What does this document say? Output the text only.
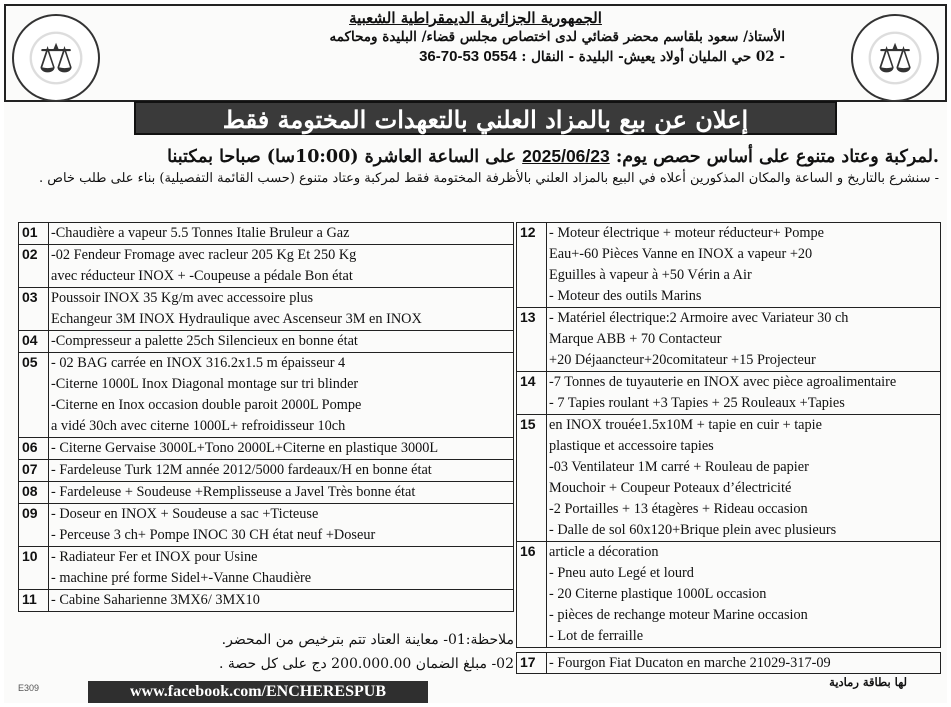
⚖
⚖
الجمهورية الجزائرية الديمقراطية الشعبية
الأستاذ/ سعود بلقاسم محضر قضائي لدى اختصاص مجلس قضاء/ البليدة ومحاكمه
- 02 حي المليان أولاد يعيش- البليدة - النقال : 0554 53-70-36
إعلان عن بيع بالمزاد العلني بالتعهدات المختومة فقط
.لمركبة وعتاد متنوع على أساس حصص يوم: 2025/06/23 على الساعة العاشرة (10:00سا) صباحا بمكتبنا
- سنشرع بالتاريخ و الساعة والمكان المذكورين أعلاه في البيع بالمزاد العلني بالأظرفة المختومة فقط لمركبة وعتاد متنوع (حسب القائمة التفصيلية) بناء على طلب خاص .
01 -Chaudière a vapeur 5.5 Tonnes Italie Bruleur a Gaz
02 -02 Fendeur Fromage avec racleur 205 Kg Et 250 Kg
avec réducteur INOX + -Coupeuse a pédale Bon état
03 Poussoir INOX 35 Kg/m avec accessoire plus
Echangeur 3M INOX Hydraulique avec Ascenseur 3M en INOX
04 -Compresseur a palette 25ch Silencieux en bonne état
05 - 02 BAG carrée en INOX 316.2x1.5 m épaisseur 4
-Citerne 1000L Inox Diagonal montage sur tri blinder
-Citerne en Inox occasion double paroit 2000L Pompe
a vidé 30ch avec citerne 1000L+ refroidisseur 10ch
06 - Citerne Gervaise 3000L+Tono 2000L+Citerne en plastique 3000L
07 - Fardeleuse Turk 12M année 2012/5000 fardeaux/H en bonne état
08 - Fardeleuse + Soudeuse +Remplisseuse a Javel Très bonne état
09 - Doseur en INOX + Soudeuse a sac +Ticteuse
- Perceuse 3 ch+ Pompe INOC 30 CH état neuf +Doseur
10 - Radiateur Fer et INOX pour Usine
- machine pré forme Sidel+-Vanne Chaudière
11 - Cabine Saharienne 3MX6/ 3MX10
12 - Moteur électrique + moteur réducteur+ Pompe
Eau+-60 Pièces Vanne en INOX a vapeur +20
Eguilles à vapeur à +50 Vérin a Air
- Moteur des outils Marins
13 - Matériel électrique:2 Armoire avec Variateur 30 ch
Marque ABB + 70 Contacteur
+20 Déjaancteur+20comitateur +15 Projecteur
14 -7 Tonnes de tuyauterie en INOX avec pièce agroalimentaire
- 7 Tapies roulant +3 Tapies + 25 Rouleaux +Tapies
15 en INOX trouée1.5x10M + tapie en cuir + tapie
plastique et accessoire tapies
-03 Ventilateur 1M carré + Rouleau de papier
Mouchoir + Coupeur Poteaux d’électricité
-2 Portailles + 13 étagères + Rideau occasion
- Dalle de sol 60x120+Brique plein avec plusieurs
16 article a décoration
- Pneu auto Legé et lourd
- 20 Citerne plastique 1000L occasion
- pièces de rechange moteur Marine occasion
- Lot de ferraille
ملاحظة:01- معاينة العتاد تتم بترخيص من المحضر.
02- مبلغ الضمان 200.000.00 دج على كل حصة . 17 - Fourgon Fiat Ducaton en marche 21029-317-09
لها بطاقة رمادية
E309	www.facebook.com/ENCHERESPUB
